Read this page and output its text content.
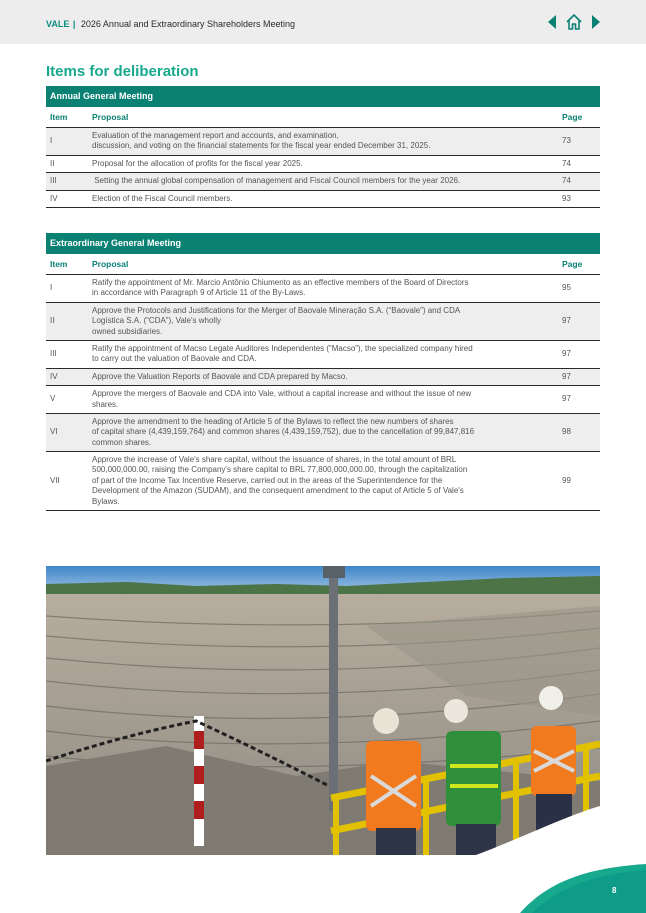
VALE | 2026 Annual and Extraordinary Shareholders Meeting
Items for deliberation
Annual General Meeting
Item	Proposal	Page
I	Evaluation of the management report and accounts, and examination,
discussion, and voting on the financial statements for the fiscal year ended December 31, 2025.	73
II	Proposal for the allocation of profits for the fiscal year 2025.	74
III	Setting the annual global compensation of management and Fiscal Council members for the year 2026.	74
IV	Election of the Fiscal Council members.	93
Extraordinary General Meeting
Item	Proposal	Page
I	Ratify the appointment of Mr. Marcio Antônio Chiumento as an effective members of the Board of Directors
in accordance with Paragraph 9 of Article 11 of the By-Laws.	95
II	Approve the Protocols and Justifications for the Merger of Baovale Mineração S.A. (“Baovale”) and CDA
Logística S.A. (“CDA”), Vale's wholly
owned subsidiaries.	97
III	Ratify the appointment of Macso Legate Auditores Independentes (“Macso”), the specialized company hired
to carry out the valuation of Baovale and CDA.	97
IV	Approve the Valuation Reports of Baovale and CDA prepared by Macso.	97
V	Approve the mergers of Baovale and CDA into Vale, without a capital increase and without the issue of new
shares.	97
VI	Approve the amendment to the heading of Article 5 of the Bylaws to reflect the new numbers of shares
of capital share (4,439,159,764) and common shares (4,439,159,752), due to the cancellation of 99,847,816
common shares.	98
VII	Approve the increase of Vale's share capital, without the issuance of shares, in the total amount of BRL
500,000,000.00, raising the Company's share capital to BRL 77,800,000,000.00, through the capitalization
of part of the Income Tax Incentive Reserve, carried out in the areas of the Superintendence for the
Development of the Amazon (SUDAM), and the consequent amendment to the caput of Article 5 of Vale's
Bylaws.	99
8
